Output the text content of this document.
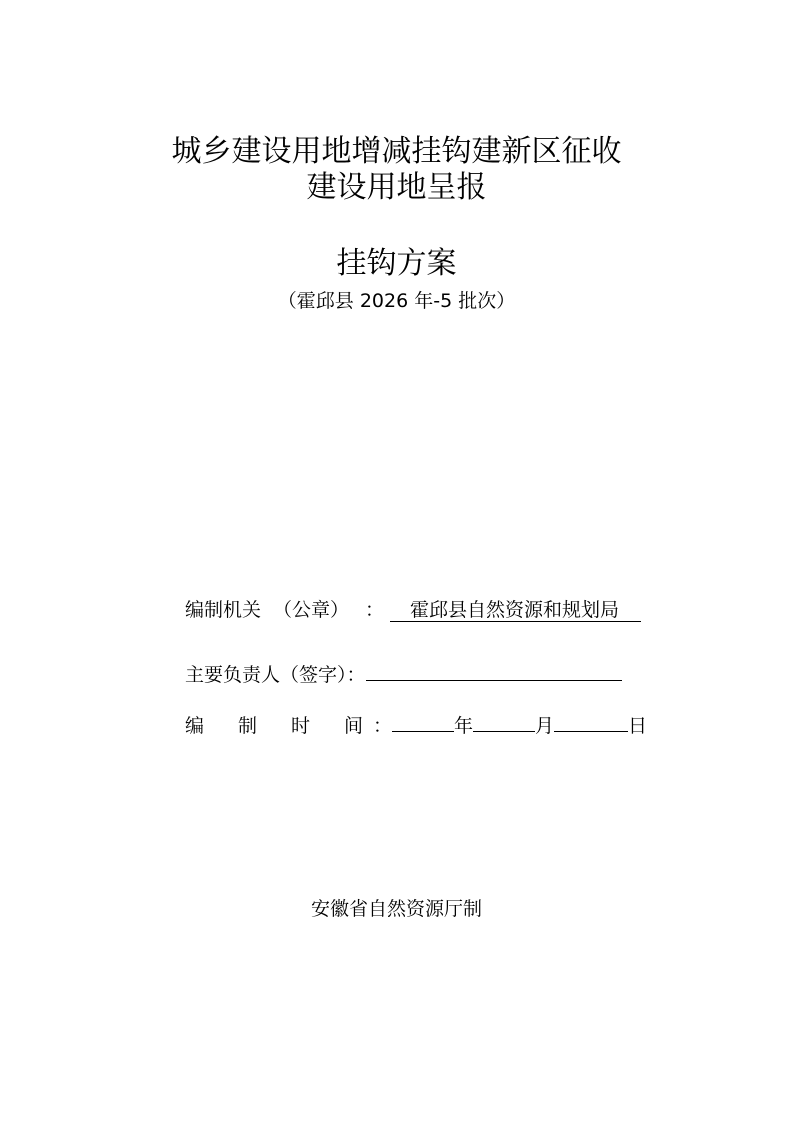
城乡建设用地增减挂钩建新区征收
建设用地呈报
挂钩方案
（霍邱县 2026 年-5 批次）
编制机关 （公章） ： 霍邱县自然资源和规划局
主要负责人（签字）：
编 制 时 间 ：	年	月	日
安徽省自然资源厅制
